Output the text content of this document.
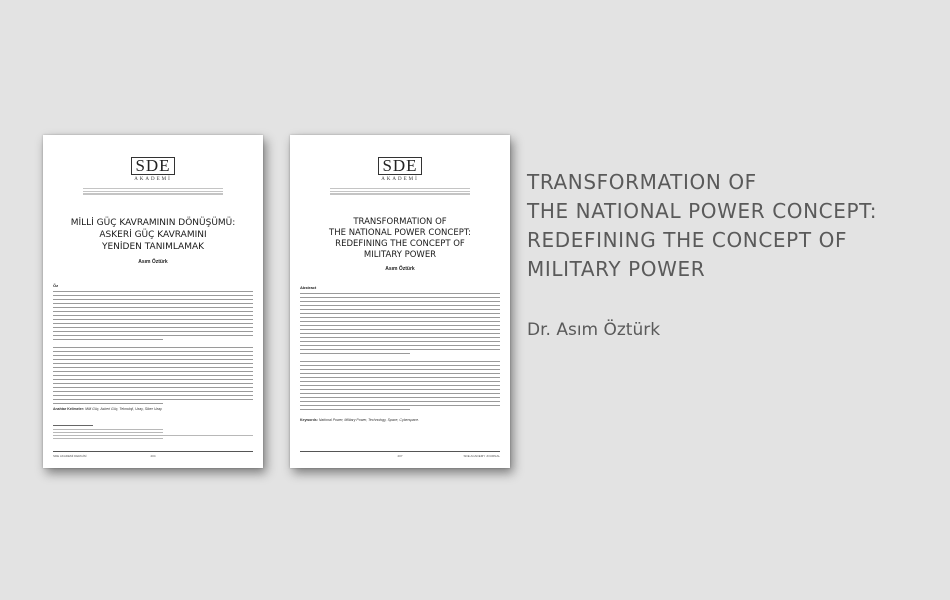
SDE
AKADEMİ
MİLLİ GÜÇ KAVRAMININ DÖNÜŞÜMÜ:
ASKERİ GÜÇ KAVRAMINI
YENİDEN TANIMLAMAK
Asım Öztürk
Öz
Anahtar Kelimeler: Milli Güç, Askeri Güç, Teknoloji, Uzay, Siber Uzay.
SDE AKADEMİ DERGİSİ	204
SDE
AKADEMİ
TRANSFORMATION OF
THE NATIONAL POWER CONCEPT:
REDEFINING THE CONCEPT OF
MILITARY POWER
Asım Öztürk
Abstract
Keywords: National Power, Military Power, Technology, Space, Cyberspace.
207	SDE ACADEMY JOURNAL
TRANSFORMATION OF
THE NATIONAL POWER CONCEPT:
REDEFINING THE CONCEPT OF
MILITARY POWER
Dr. Asım Öztürk
